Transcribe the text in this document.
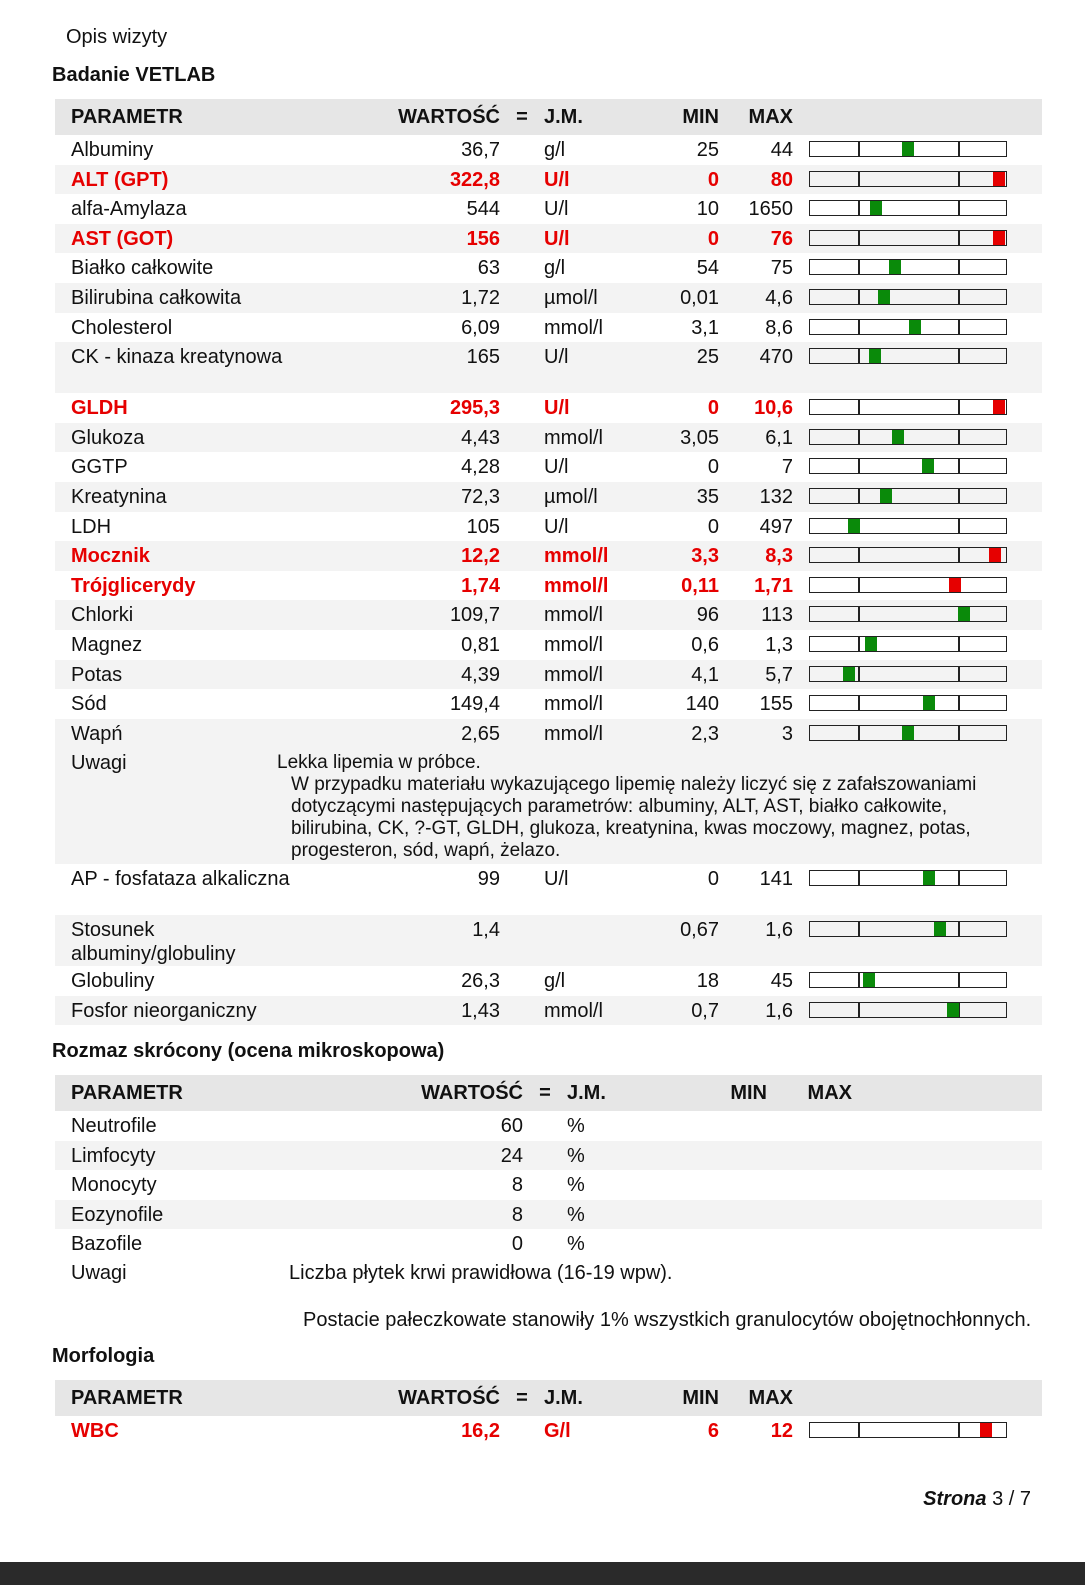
Opis wizyty
Badanie VETLAB
PARAMETR	WARTOŚĆ	=	J.M.	MIN	MAX	
Albuminy	36,7		g/l	25	44	

ALT (GPT)	322,8		U/l	0	80	

alfa-Amylaza	544		U/l	10	1650	

AST (GOT)	156		U/l	0	76	

Białko całkowite	63		g/l	54	75	

Bilirubina całkowita	1,72		µmol/l	0,01	4,6	

Cholesterol	6,09		mmol/l	3,1	8,6	

CK - kinaza kreatynowa	165		U/l	25	470	

GLDH	295,3		U/l	0	10,6	

Glukoza	4,43		mmol/l	3,05	6,1	

GGTP	4,28		U/l	0	7	

Kreatynina	72,3		µmol/l	35	132	

LDH	105		U/l	0	497	

Mocznik	12,2		mmol/l	3,3	8,3	

Trójglicerydy	1,74		mmol/l	0,11	1,71	

Chlorki	109,7		mmol/l	96	113	

Magnez	0,81		mmol/l	0,6	1,3	

Potas	4,39		mmol/l	4,1	5,7	

Sód	149,4		mmol/l	140	155	

Wapń	2,65		mmol/l	2,3	3	

Uwagi	Lekka lipemia w próbce.
W przypadku materiału wykazującego lipemię należy liczyć się z zafałszowaniami dotyczącymi następujących parametrów: albuminy, ALT, AST, białko całkowite, bilirubina, CK, ?-GT, GLDH, glukoza, kreatynina, kwas moczowy, magnez, potas, progesteron, sód, wapń, żelazo.					

AP - fosfataza alkaliczna	99		U/l	0	141	

Stosunek albuminy/globuliny	1,4			0,67	1,6	

Globuliny	26,3		g/l	18	45	

Fosfor nieorganiczny	1,43		mmol/l	0,7	1,6	
Rozmaz skrócony (ocena mikroskopowa)
PARAMETR	WARTOŚĆ	=	J.M.	MIN	MAX	
Neutrofile	60		%			
Limfocyty	24		%			
Monocyty	8		%			
Eozynofile	8		%			
Bazofile	0		%			
Uwagi	Liczba płytek krwi prawidłowa (16-19 wpw).
Postacie pałeczkowate stanowiły 1% wszystkich granulocytów obojętnochłonnych.					
Morfologia
PARAMETR	WARTOŚĆ	=	J.M.	MIN	MAX	
WBC	16,2		G/l	6	12	
Strona 3 / 7
